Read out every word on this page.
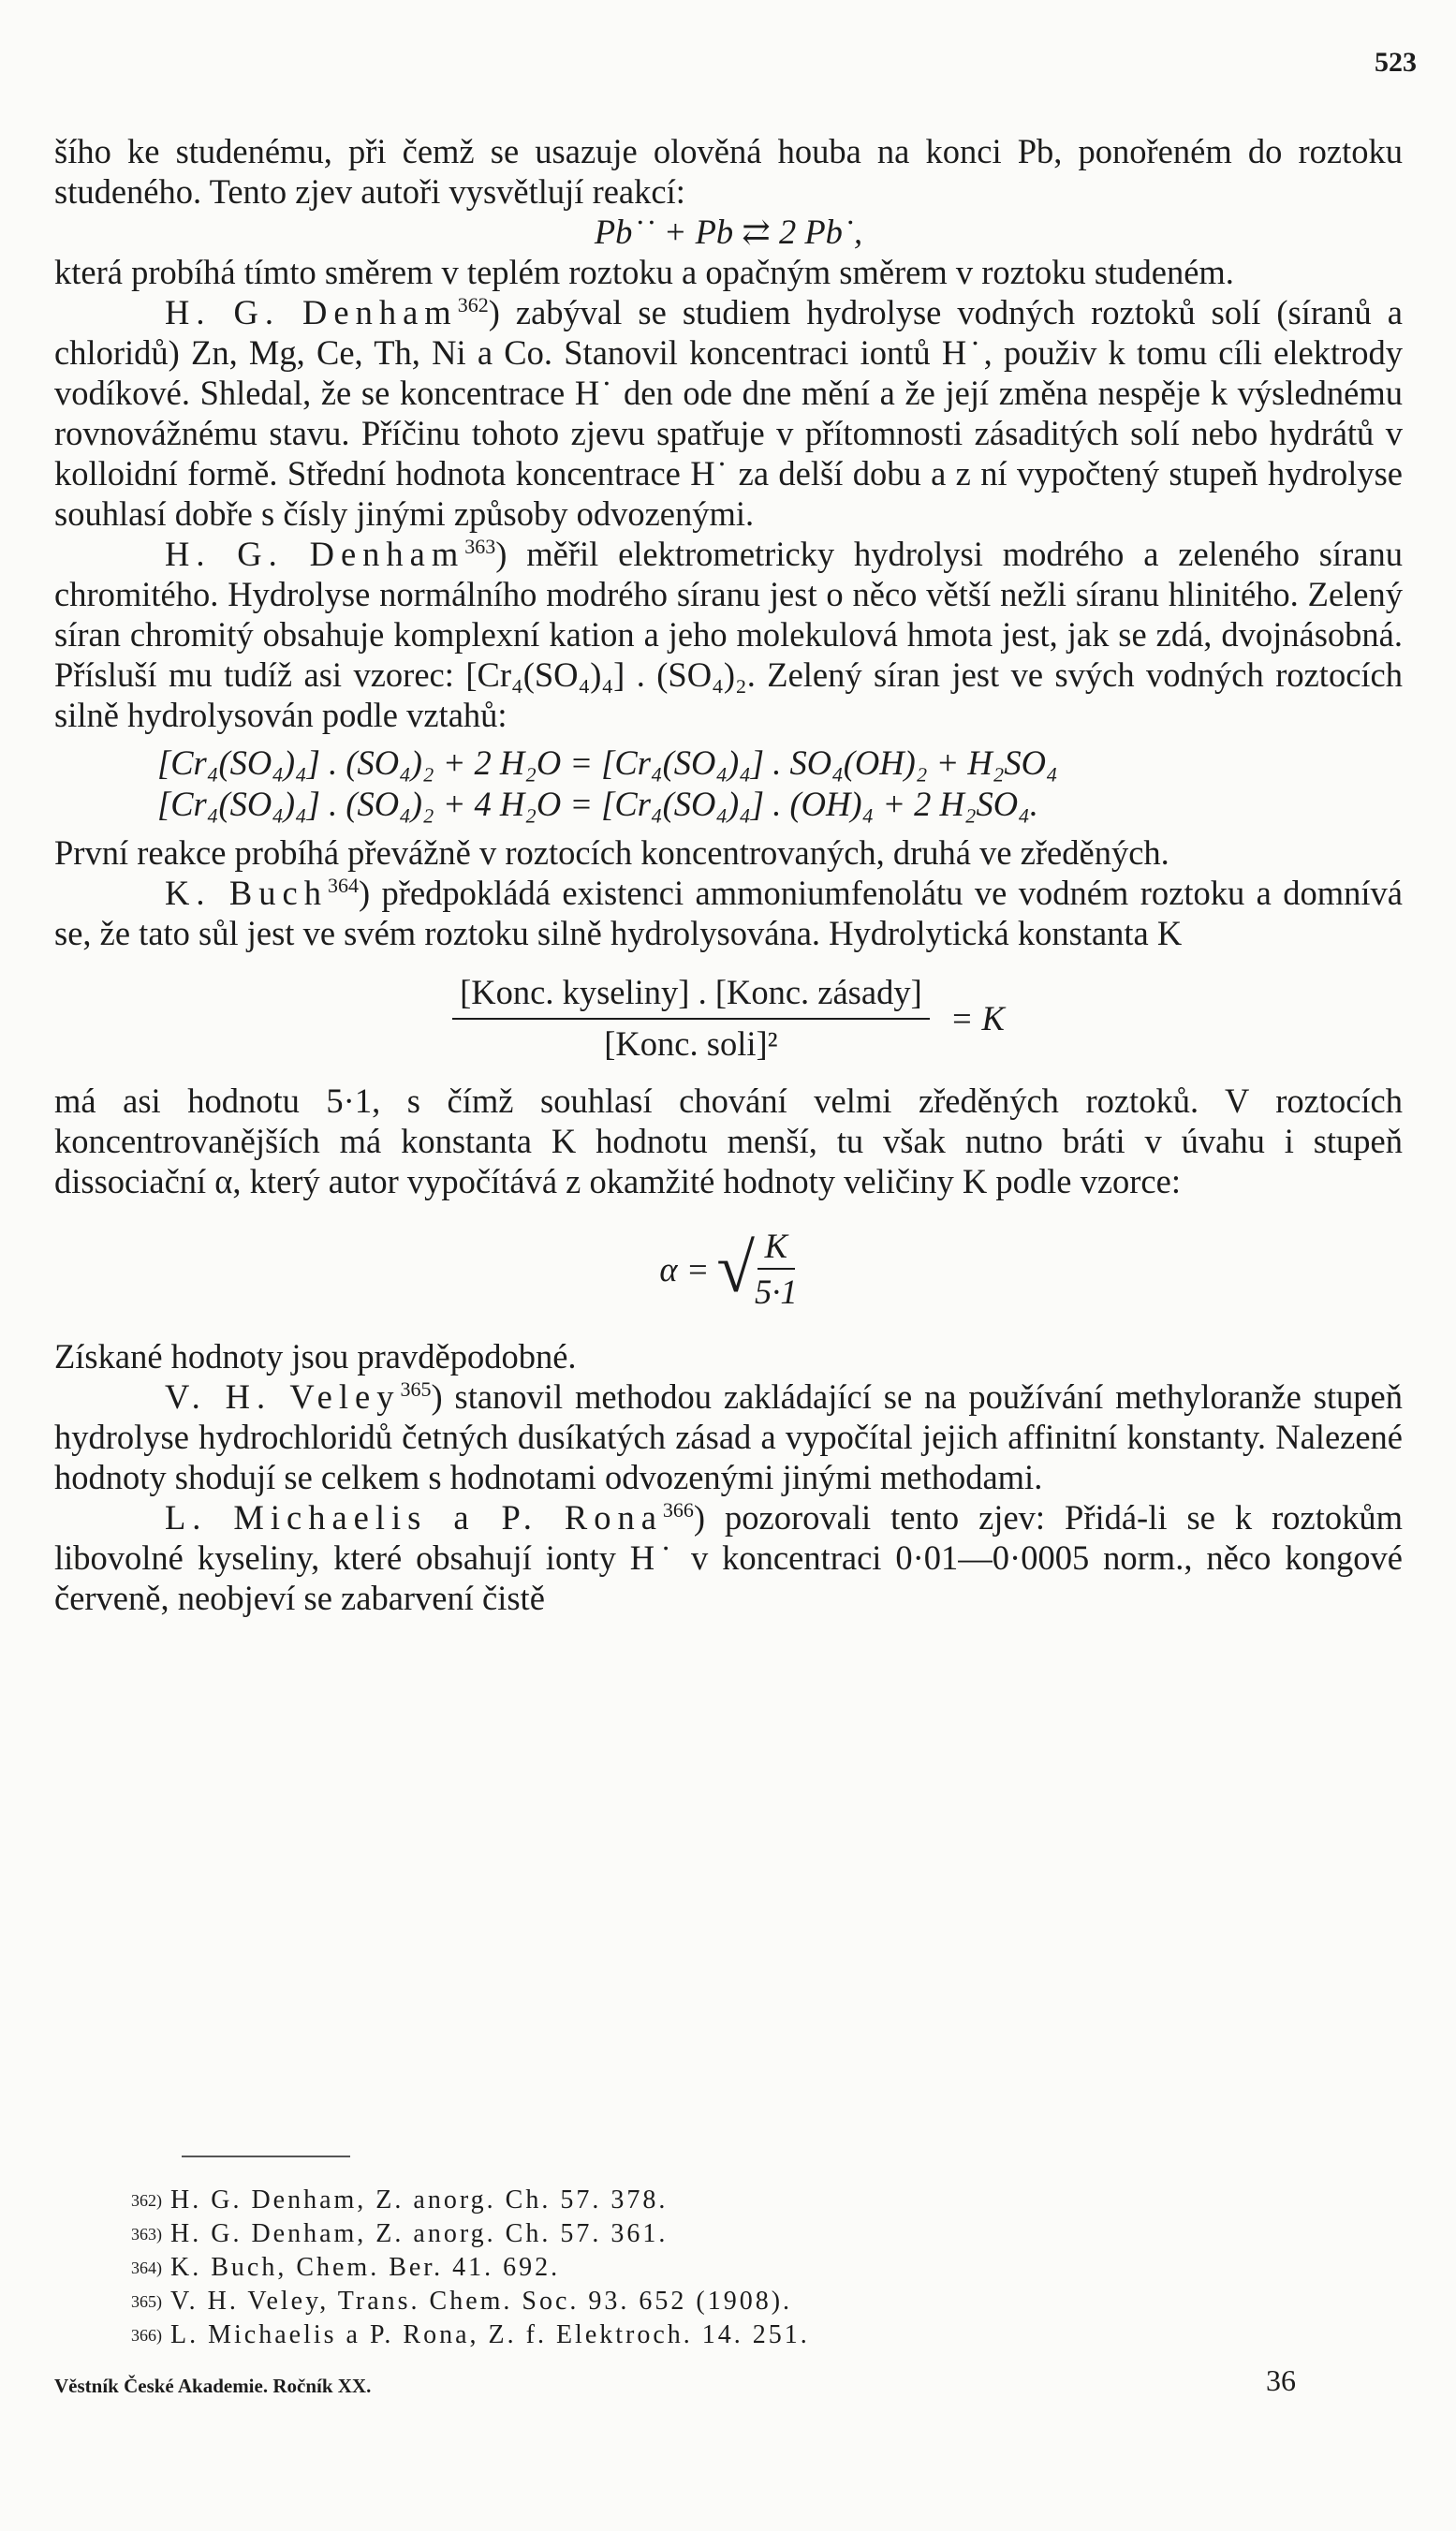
523

šího ke studenému, při čemž se usazuje olověná houba na konci Pb, ponořeném do roztoku studeného. Tento zjev autoři vysvětlují reakcí:

Pb˙˙ + Pb ⇄ 2 Pb˙,

která probíhá tímto směrem v teplém roztoku a opačným směrem v roztoku studeném.

H. G. Denham$^{362}$) zabýval se studiem hydrolyse vodných roztoků solí (síranů a chloridů) Zn, Mg, Ce, Th, Ni a Co. Stanovil koncentraci iontů H˙, použiv k tomu cíli elektrody vodíkové. Shledal, že se koncentrace H˙ den ode dne mění a že její změna nespěje k výslednému rovnovážnému stavu. Příčinu tohoto zjevu spatřuje v přítomnosti zásaditých solí nebo hydrátů v kolloidní formě. Střední hodnota koncentrace H˙ za delší dobu a z ní vypočtený stupeň hydrolyse souhlasí dobře s čísly jinými způsoby odvozenými.

H. G. Denham$^{363}$) měřil elektrometricky hydrolysi modrého a zeleného síranu chromitého. Hydrolyse normálního modrého síranu jest o něco větší nežli síranu hlinitého. Zelený síran chromitý obsahuje komplexní kation a jeho molekulová hmota jest, jak se zdá, dvojnásobná. Přísluší mu tudíž asi vzorec: [Cr₄(SO₄)₄] . (SO₄)₂. Zelený síran jest ve svých vodných roztocích silně hydrolysován podle vztahů:

[Cr₄(SO₄)₄] . (SO₄)₂ + 2 H₂O = [Cr₄(SO₄)₄] . SO₄(OH)₂ + H₂SO₄
[Cr₄(SO₄)₄] . (SO₄)₂ + 4 H₂O = [Cr₄(SO₄)₄] . (OH)₄ + 2 H₂SO₄.

První reakce probíhá převážně v roztocích koncentrovaných, druhá ve zředěných.

K. Buch$^{364}$) předpokládá existenci ammoniumfenolátu ve vodném roztoku a domnívá se, že tato sůl jest ve svém roztoku silně hydrolysována. Hydrolytická konstanta K

$\frac{\text{[Konc. kyseliny] . [Konc. zásady]}}{\text{[Konc. soli]²}} = K$

má asi hodnotu 5·1, s čímž souhlasí chování velmi zředěných roztoků. V roztocích koncentrovanějších má konstanta K hodnotu menší, tu však nutno bráti v úvahu i stupeň dissociační α, který autor vypočítává z okamžité hodnoty veličiny K podle vzorce:

α = √ $\frac{K}{5\cdot 1}$

Získané hodnoty jsou pravděpodobné.

V. H. Veley$^{365}$) stanovil methodou zakládající se na používání methyloranže stupeň hydrolyse hydrochloridů četných dusíkatých zásad a vypočítal jejich affinitní konstanty. Nalezené hodnoty shodují se celkem s hodnotami odvozenými jinými methodami.

L. Michaelis a P. Rona$^{366}$) pozorovali tento zjev: Přidá-li se k roztokům libovolné kyseliny, které obsahují ionty H˙ v koncentraci 0·01—0·0005 norm., něco kongové červeně, neobjeví se zabarvení čistě

362) H. G. Denham, Z. anorg. Ch. 57. 378.
363) H. G. Denham, Z. anorg. Ch. 57. 361.
364) K. Buch, Chem. Ber. 41. 692.
365) V. H. Veley, Trans. Chem. Soc. 93. 652 (1908).
366) L. Michaelis a P. Rona, Z. f. Elektroch. 14. 251.
Věstník České Akademie. Ročník XX.	36
